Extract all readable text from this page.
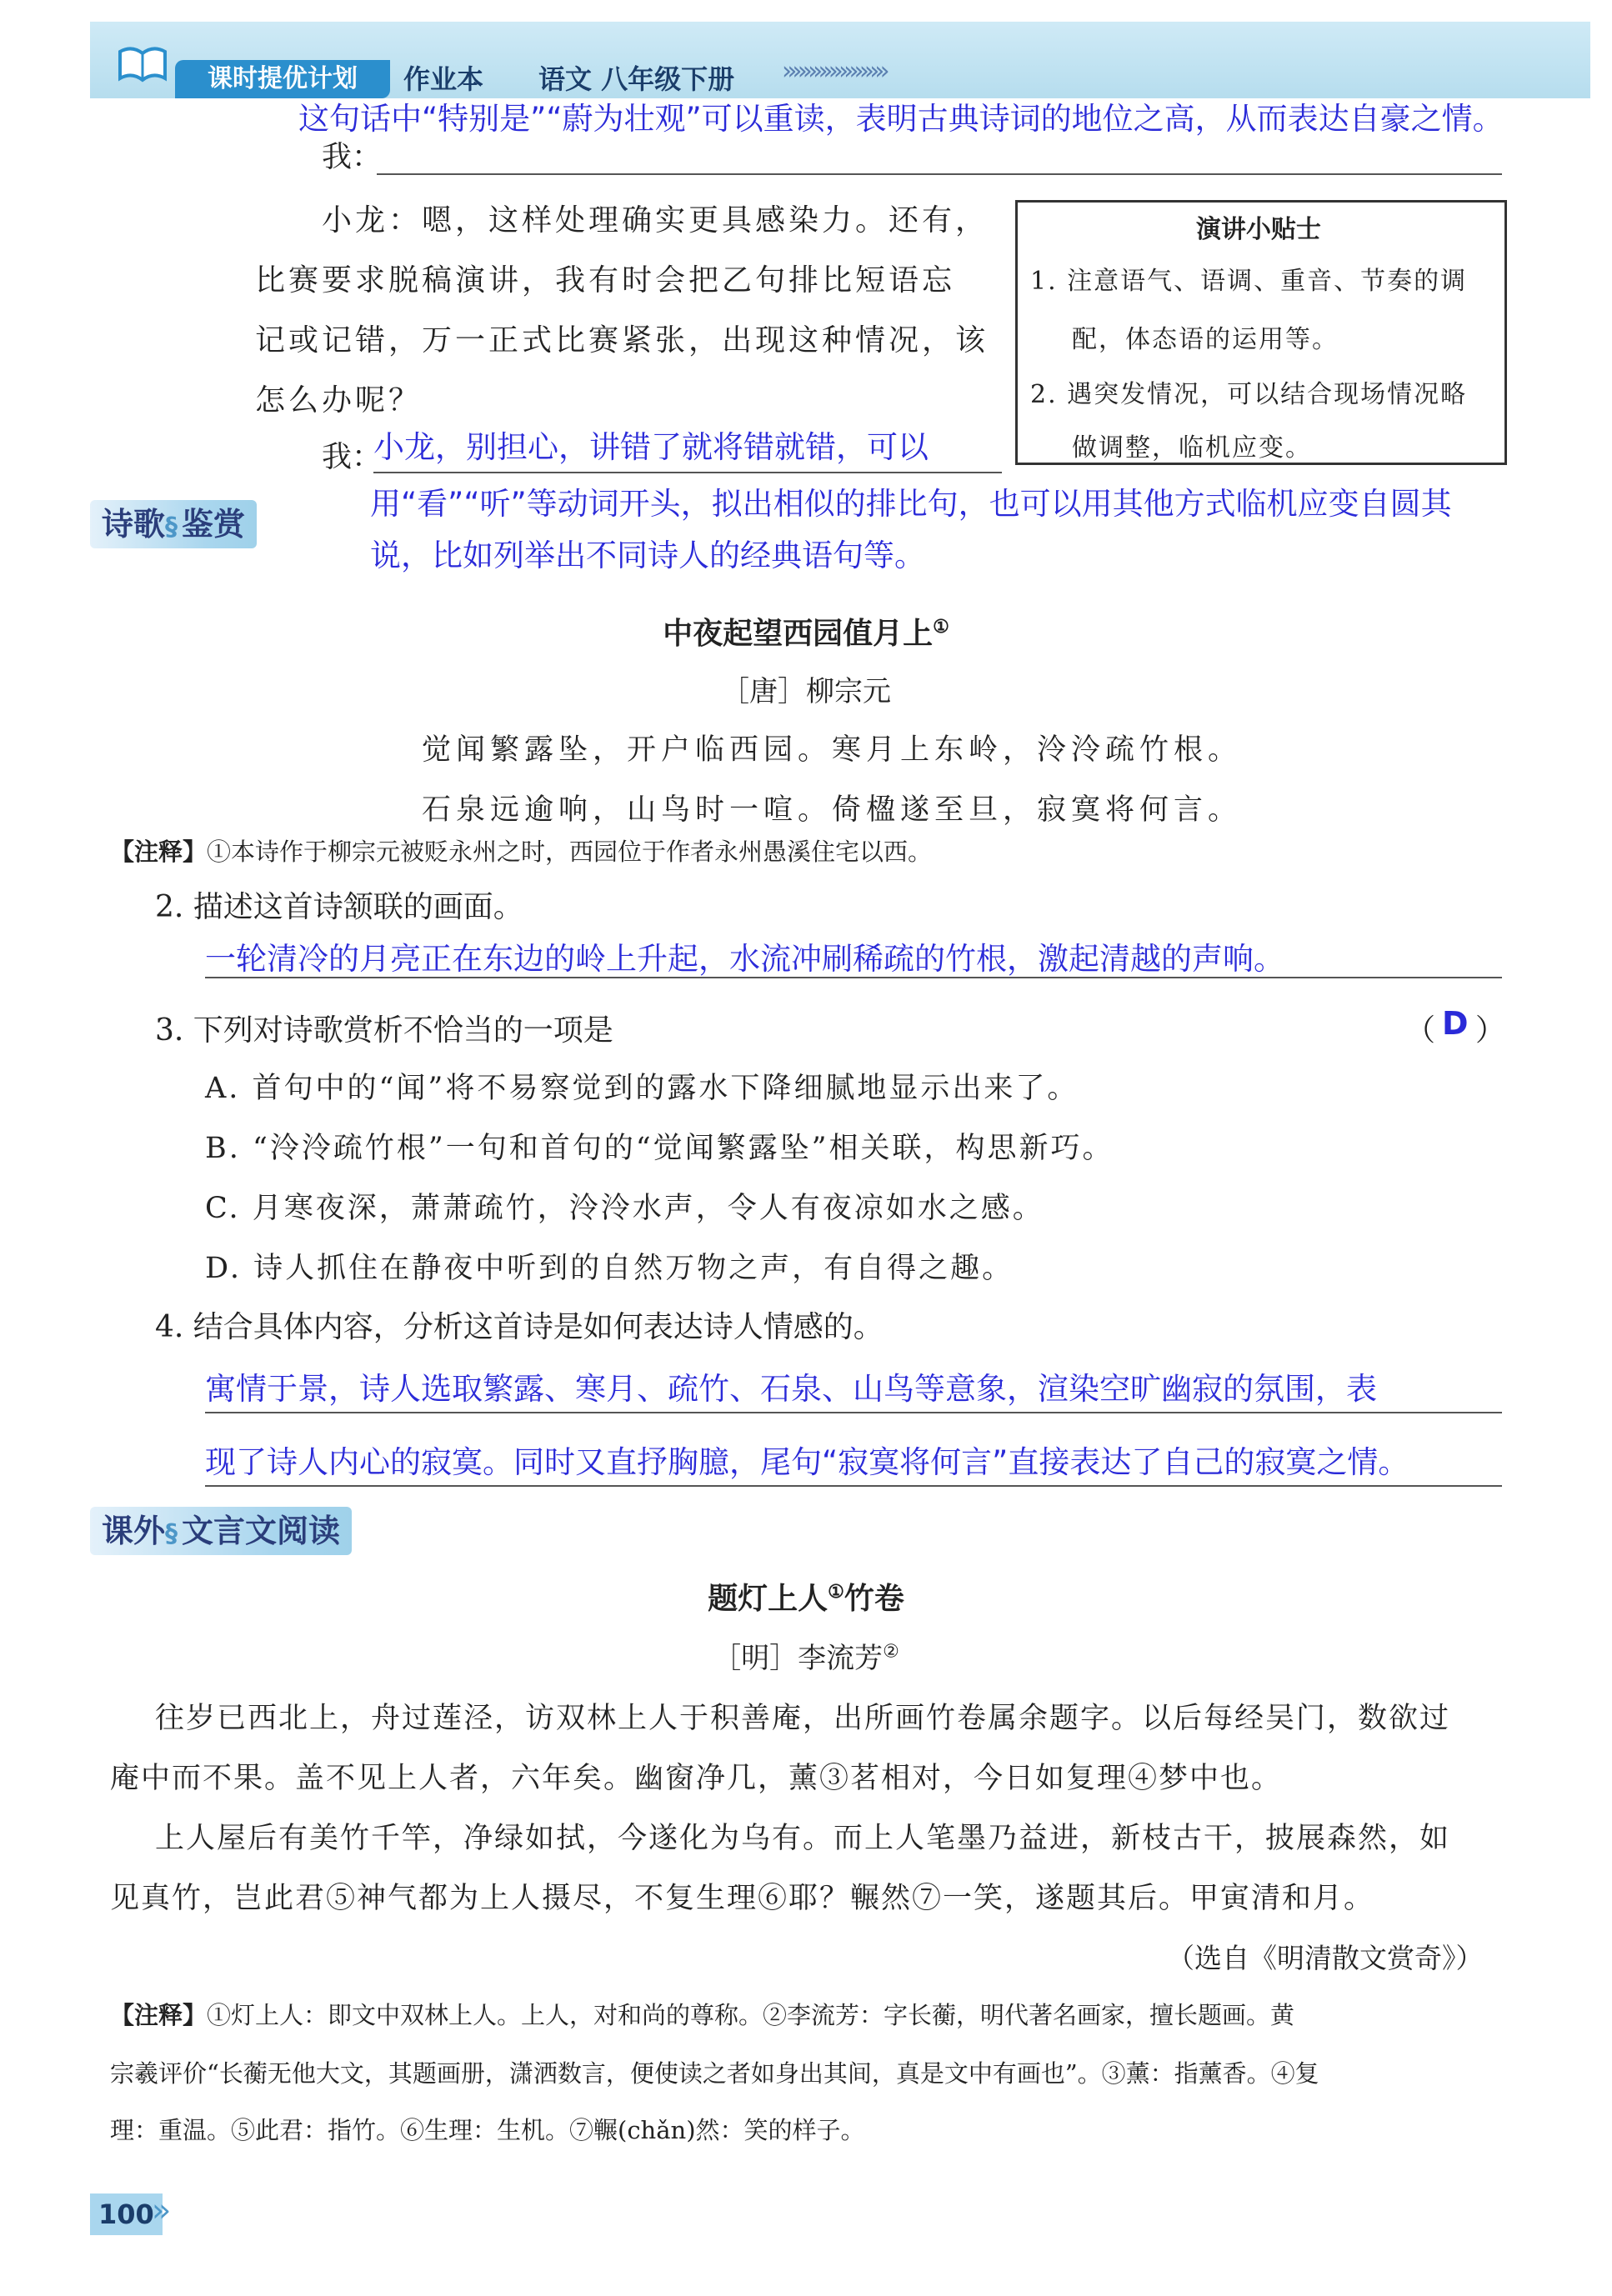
课时提优计划	作业本 语文 八年级下册 »»»»»»»»»»
这句话中“特别是”“蔚为壮观”可以重读，表明古典诗词的地位之高，从而表达自豪之情。
我：
小龙：嗯，这样处理确实更具感染力。还有，
比赛要求脱稿演讲，我有时会把乙句排比短语忘
记或记错，万一正式比赛紧张，出现这种情况，该
怎么办呢？
演讲小贴士
1. 注意语气、语调、重音、节奏的调
配，体态语的运用等。
2. 遇突发情况，可以结合现场情况略
做调整，临机应变。
我：
小龙，别担心，讲错了就将错就错，可以
用“看”“听”等动词开头，拟出相似的排比句，也可以用其他方式临机应变自圆其
说，比如列举出不同诗人的经典语句等。
诗歌§ 鉴赏
中夜起望西园值月上①
［唐］柳宗元
觉闻繁露坠，开户临西园。寒月上东岭，泠泠疏竹根。
石泉远逾响，山鸟时一喧。倚楹遂至旦，寂寞将何言。
【注释】①本诗作于柳宗元被贬永州之时，西园位于作者永州愚溪住宅以西。
2. 描述这首诗颔联的画面。
一轮清冷的月亮正在东边的岭上升起，水流冲刷稀疏的竹根，激起清越的声响。
3. 下列对诗歌赏析不恰当的一项是	（ D ）
A. 首句中的“闻”将不易察觉到的露水下降细腻地显示出来了。
B. “泠泠疏竹根”一句和首句的“觉闻繁露坠”相关联，构思新巧。
C. 月寒夜深，萧萧疏竹，泠泠水声，令人有夜凉如水之感。
D. 诗人抓住在静夜中听到的自然万物之声，有自得之趣。
4. 结合具体内容，分析这首诗是如何表达诗人情感的。
寓情于景，诗人选取繁露、寒月、疏竹、石泉、山鸟等意象，渲染空旷幽寂的氛围，表
现了诗人内心的寂寞。同时又直抒胸臆，尾句“寂寞将何言”直接表达了自己的寂寞之情。
课外§ 文言文阅读
题灯上人①竹卷
［明］李流芳②
往岁已西北上，舟过莲泾，访双林上人于积善庵，出所画竹卷属余题字。以后每经吴门，数欲过
庵中而不果。盖不见上人者，六年矣。幽窗净几，薰③茗相对，今日如复理④梦中也。
上人屋后有美竹千竿，净绿如拭，今遂化为乌有。而上人笔墨乃益进，新枝古干，披展森然，如
见真竹，岂此君⑤神气都为上人摄尽，不复生理⑥耶？冁然⑦一笑，遂题其后。甲寅清和月。
（选自《明清散文赏奇》）
【注释】①灯上人：即文中双林上人。上人，对和尚的尊称。②李流芳：字长蘅，明代著名画家，擅长题画。黄
宗羲评价“长蘅无他大文，其题画册，潇洒数言，便使读之者如身出其间，真是文中有画也”。③薰：指薰香。④复
理：重温。⑤此君：指竹。⑥生理：生机。⑦冁(chǎn)然：笑的样子。
100
»
